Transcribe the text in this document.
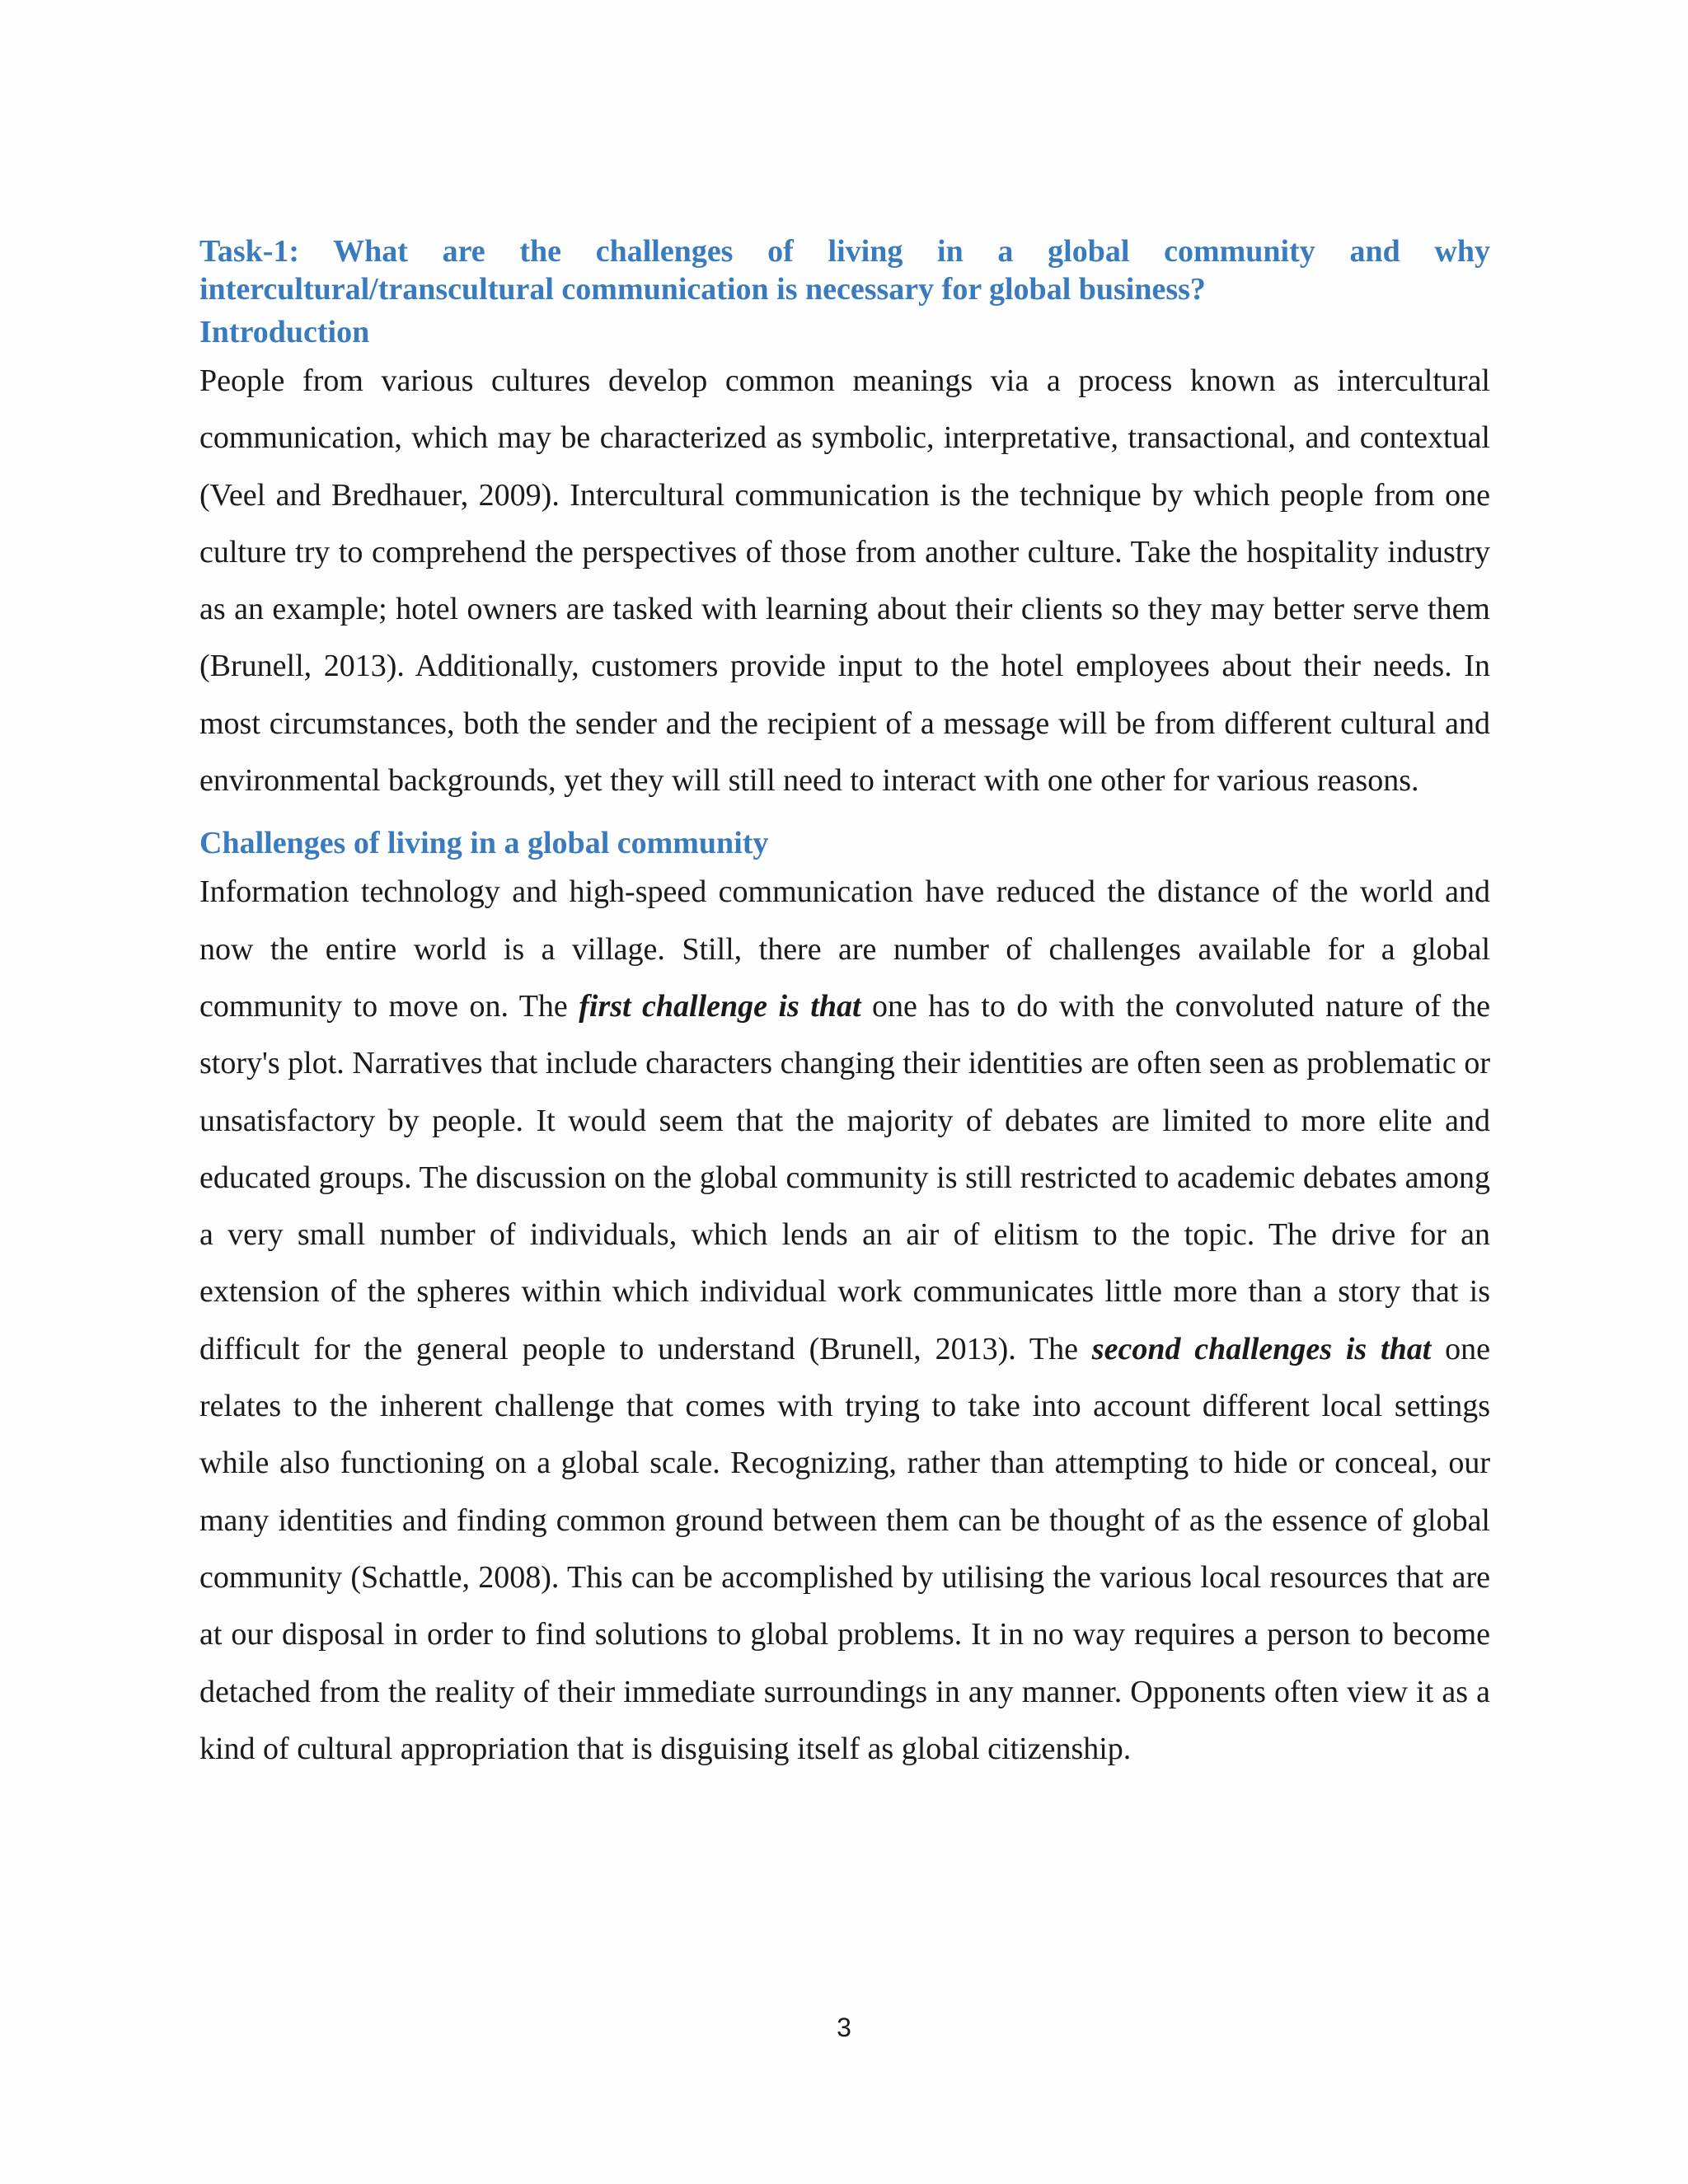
Task-1: What are the challenges of living in a global community and why
intercultural/transcultural communication is necessary for global business?
Introduction

People from various cultures develop common meanings via a process known as intercultural communication, which may be characterized as symbolic, interpretative, transactional, and contextual (Veel and Bredhauer, 2009). Intercultural communication is the technique by which people from one culture try to comprehend the perspectives of those from another culture. Take the hospitality industry as an example; hotel owners are tasked with learning about their clients so they may better serve them (Brunell, 2013). Additionally, customers provide input to the hotel employees about their needs. In most circumstances, both the sender and the recipient of a message will be from different cultural and environmental backgrounds, yet they will still need to interact with one other for various reasons.

Challenges of living in a global community

Information technology and high-speed communication have reduced the distance of the world and now the entire world is a village. Still, there are number of challenges available for a global community to move on. The first challenge is that one has to do with the convoluted nature of the story's plot. Narratives that include characters changing their identities are often seen as problematic or unsatisfactory by people. It would seem that the majority of debates are limited to more elite and educated groups. The discussion on the global community is still restricted to academic debates among a very small number of individuals, which lends an air of elitism to the topic. The drive for an extension of the spheres within which individual work communicates little more than a story that is difficult for the general people to understand (Brunell, 2013). The second challenges is that one relates to the inherent challenge that comes with trying to take into account different local settings while also functioning on a global scale. Recognizing, rather than attempting to hide or conceal, our many identities and finding common ground between them can be thought of as the essence of global community (Schattle, 2008). This can be accomplished by utilising the various local resources that are at our disposal in order to find solutions to global problems. It in no way requires a person to become detached from the reality of their immediate surroundings in any manner. Opponents often view it as a kind of cultural appropriation that is disguising itself as global citizenship.

3
